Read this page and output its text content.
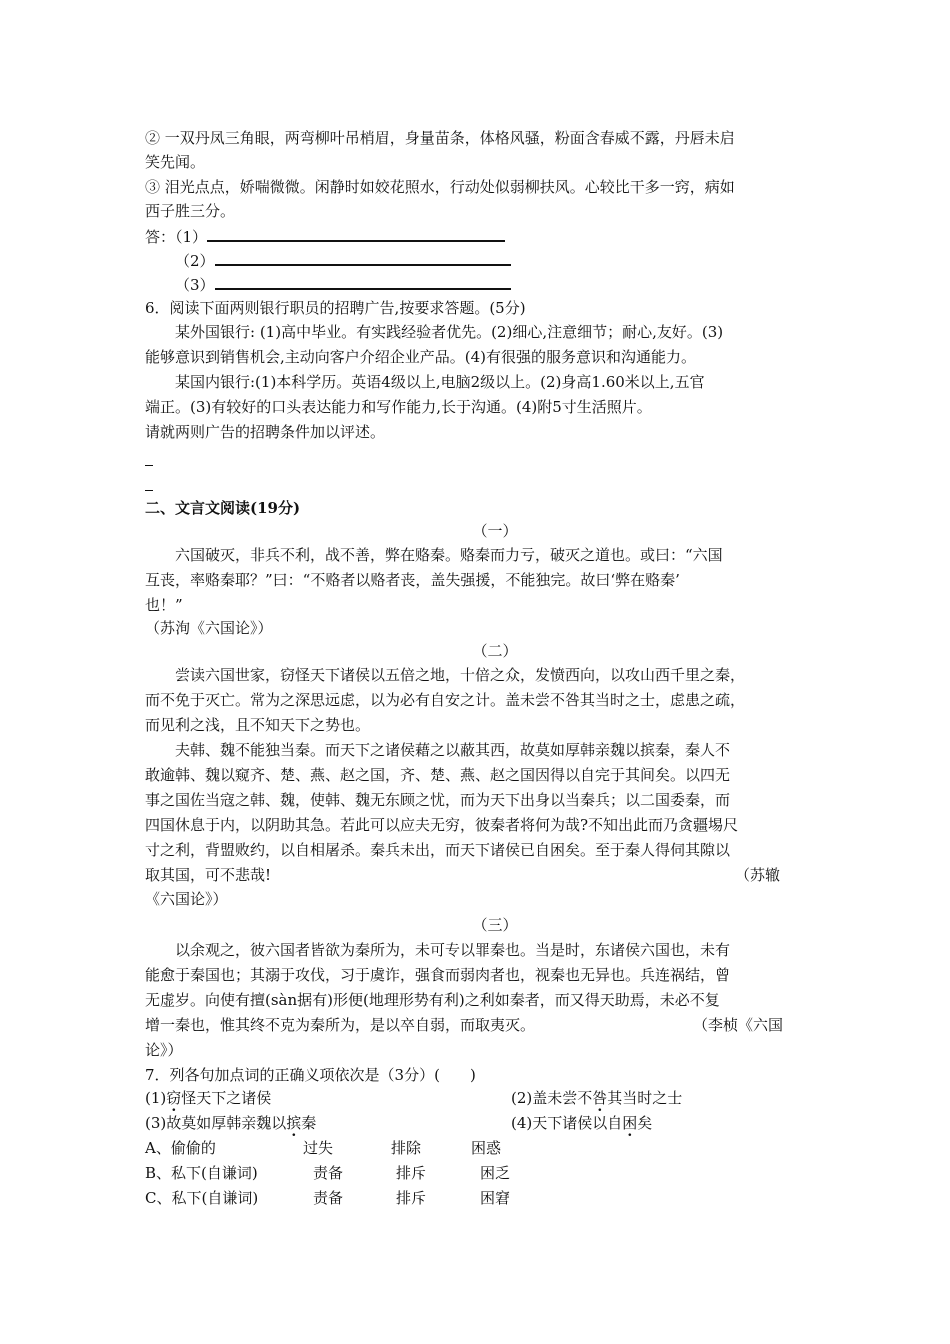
② 一双丹凤三角眼，两弯柳叶吊梢眉，身量苗条，体格风骚，粉面含春威不露，丹唇未启
笑先闻。
③ 泪光点点，娇喘微微。闲静时如姣花照水，行动处似弱柳扶风。心较比干多一窍，病如
西子胜三分。
答：（1）
（2）
（3）
6．阅读下面两则银行职员的招聘广告,按要求答题。(5分)
某外国银行: (1)高中毕业。有实践经验者优先。(2)细心,注意细节；耐心,友好。(3)
能够意识到销售机会,主动向客户介绍企业产品。(4)有很强的服务意识和沟通能力。
某国内银行:(1)本科学历。英语4级以上,电脑2级以上。(2)身高1.60米以上,五官
端正。(3)有较好的口头表达能力和写作能力,长于沟通。(4)附5寸生活照片。
请就两则广告的招聘条件加以评述。
二、文言文阅读(19分)
（一）
六国破灭，非兵不利，战不善，弊在赂秦。赂秦而力亏，破灭之道也。或曰：“六国
互丧，率赂秦耶？”曰：“不赂者以赂者丧，盖失强援，不能独完。故曰‘弊在赂秦’
也！”
（苏洵《六国论》）
（二）
尝读六国世家，窃怪天下诸侯以五倍之地，十倍之众，发愤西向，以攻山西千里之秦，
而不免于灭亡。常为之深思远虑，以为必有自安之计。盖未尝不咎其当时之士，虑患之疏，
而见利之浅，且不知天下之势也。
夫韩、魏不能独当秦。而天下之诸侯藉之以蔽其西，故莫如厚韩亲魏以摈秦，秦人不
敢逾韩、魏以窥齐、楚、燕、赵之国，齐、楚、燕、赵之国因得以自完于其间矣。以四无
事之国佐当寇之韩、魏，使韩、魏无东顾之忧，而为天下出身以当秦兵；以二国委秦，而
四国休息于内，以阴助其急。若此可以应夫无穷，彼秦者将何为哉?不知出此而乃贪疆埸尺
寸之利，背盟败约，以自相屠杀。秦兵未出，而天下诸侯已自困矣。至于秦人得伺其隙以
取其国，可不悲哉!	（苏辙
《六国论》）
（三）
以余观之，彼六国者皆欲为秦所为，未可专以罪秦也。当是时，东诸侯六国也，未有
能愈于秦国也；其溺于攻伐，习于虞诈，强食而弱肉者也，视秦也无异也。兵连祸结，曾
无虚岁。向使有擅(sàn据有)形便(地理形势有利)之利如秦者，而又得天助焉，未必不复
增一秦也，惟其终不克为秦所为，是以卒自弱，而取夷灭。	（李桢《六国
论》）
7．列各句加点词的正确义项依次是（3分）(　　)
(1)窃怪天下之诸侯	(2)盖未尝不咎其当时之士
(3)故莫如厚韩亲魏以摈秦	(4)天下诸侯以自困矣
A、偷偷的	过失	排除	困惑
B、私下(自谦词)	责备	排斥	困乏
C、私下(自谦词)	责备	排斥	困窘
